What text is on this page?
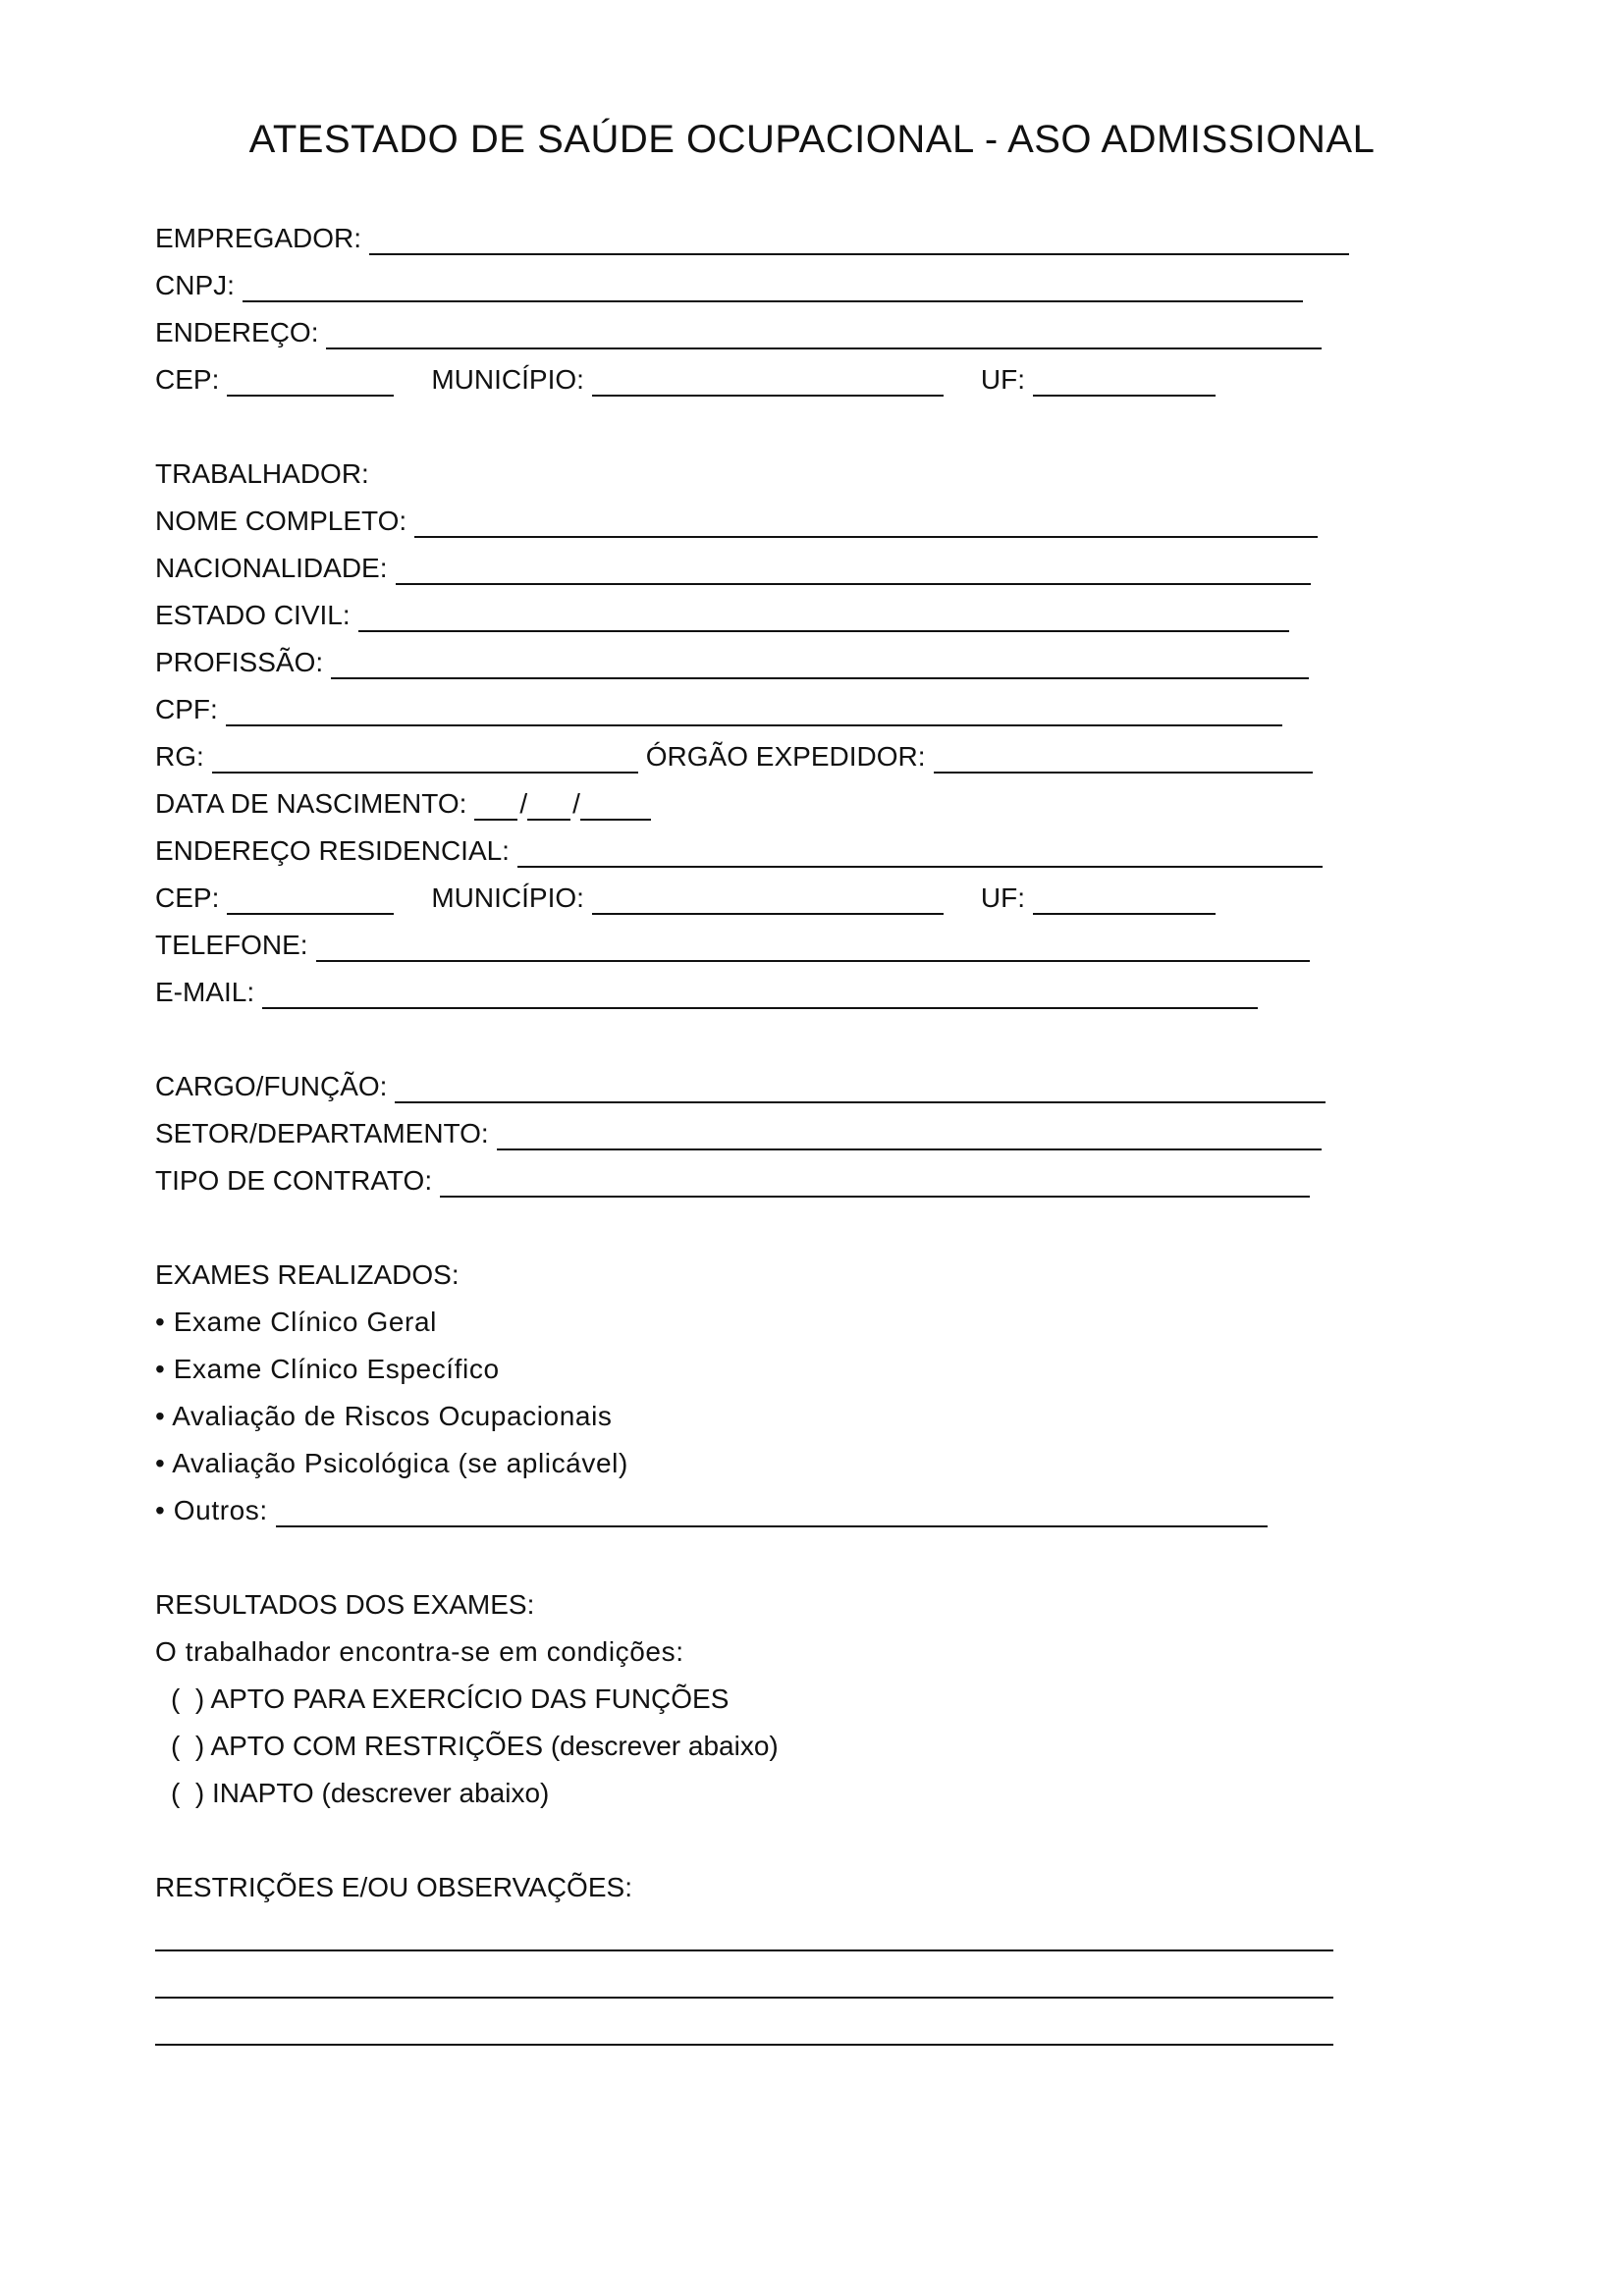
ATESTADO DE SAÚDE OCUPACIONAL - ASO ADMISSIONAL
EMPREGADOR:
CNPJ:
ENDEREÇO:
CEP:	MUNICÍPIO:	UF:
TRABALHADOR:
NOME COMPLETO:
NACIONALIDADE:
ESTADO CIVIL:
PROFISSÃO:
CPF:
RG:	ÓRGÃO EXPEDIDOR:
DATA DE NASCIMENTO: / /
ENDEREÇO RESIDENCIAL:
CEP:	MUNICÍPIO:	UF:
TELEFONE:
E-MAIL:
CARGO/FUNÇÃO:
SETOR/DEPARTAMENTO:
TIPO DE CONTRATO:
EXAMES REALIZADOS:
• Exame Clínico Geral
• Exame Clínico Específico
• Avaliação de Riscos Ocupacionais
• Avaliação Psicológica (se aplicável)
• Outros:
RESULTADOS DOS EXAMES:
O trabalhador encontra-se em condições:
(  ) APTO PARA EXERCÍCIO DAS FUNÇÕES
(  ) APTO COM RESTRIÇÕES (descrever abaixo)
(  ) INAPTO (descrever abaixo)
RESTRIÇÕES E/OU OBSERVAÇÕES:
